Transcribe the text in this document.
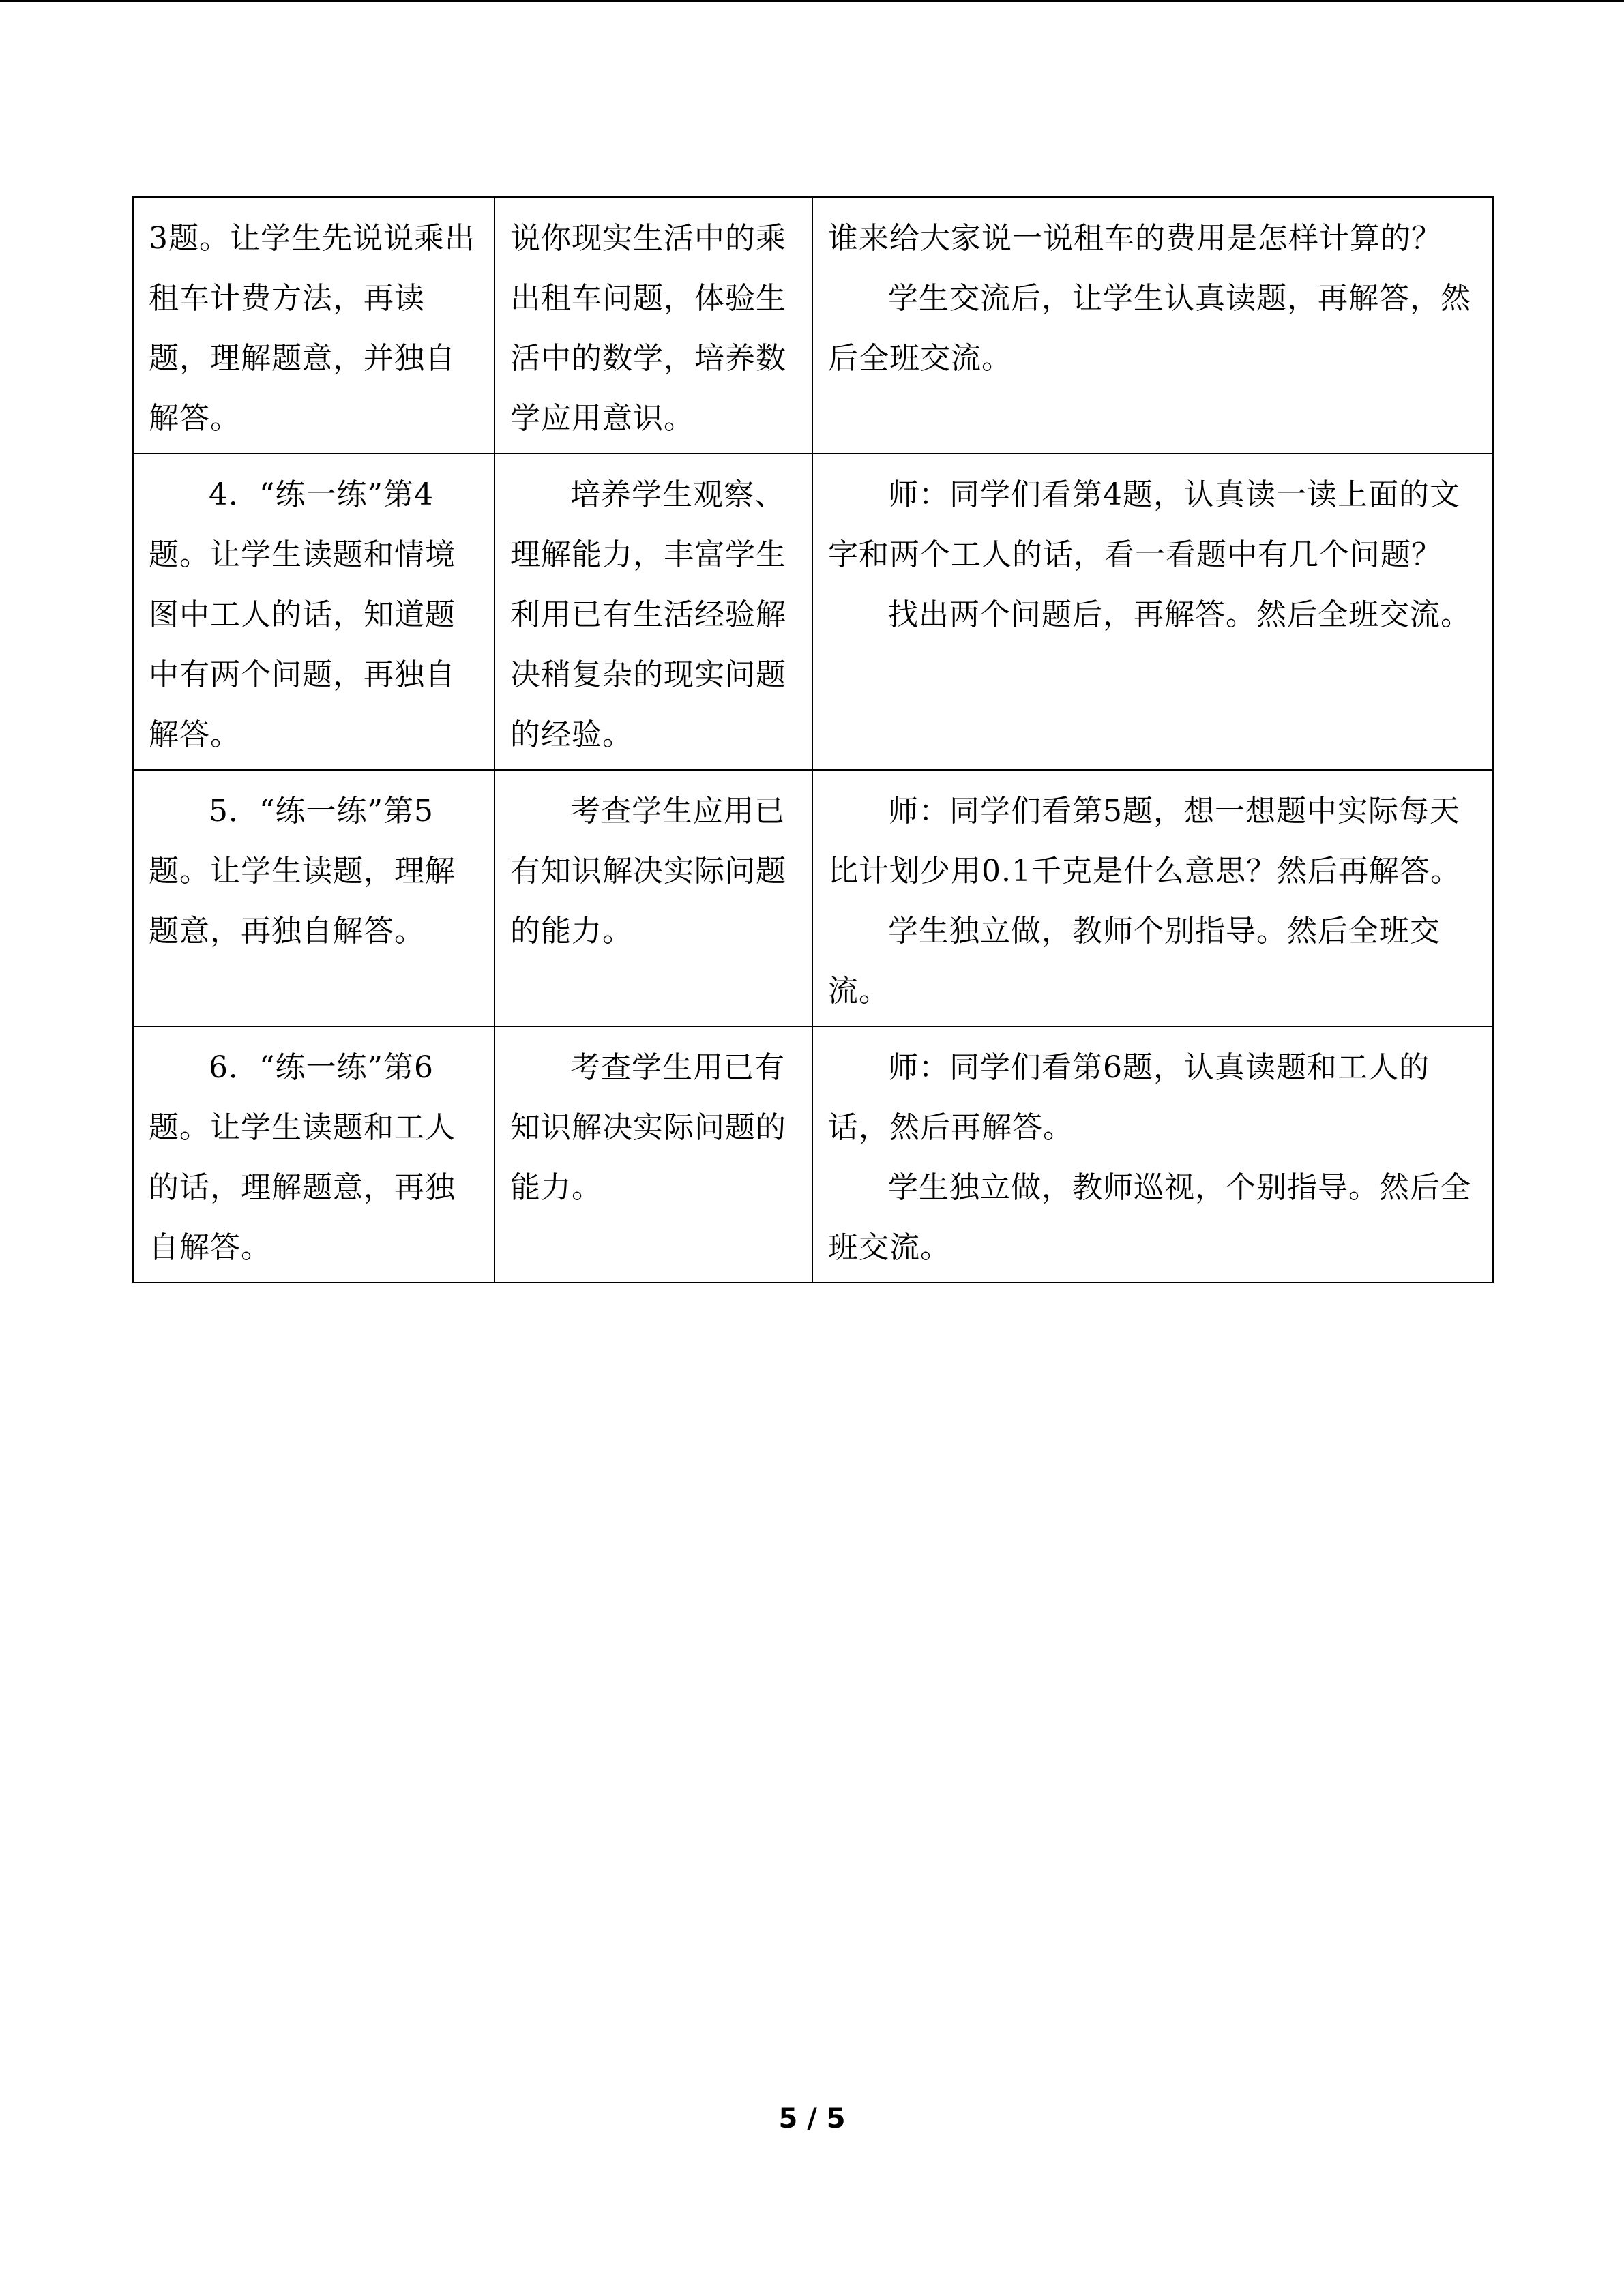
3题。让学生先说说乘出租车计费方法，再读题，理解题意，并独自解答。	说你现实生活中的乘出租车问题，体验生活中的数学，培养数学应用意识。	谁来给大家说一说租车的费用是怎样计算的？

学生交流后，让学生认真读题，再解答，然后全班交流。

4．“练一练”第4题。让学生读题和情境图中工人的话，知道题中有两个问题，再独自解答。	培养学生观察、理解能力，丰富学生利用已有生活经验解决稍复杂的现实问题的经验。	师：同学们看第4题，认真读一读上面的文字和两个工人的话，看一看题中有几个问题？

找出两个问题后，再解答。然后全班交流。

5．“练一练”第5题。让学生读题，理解题意，再独自解答。	考查学生应用已有知识解决实际问题的能力。	师：同学们看第5题，想一想题中实际每天比计划少用0.1千克是什么意思？然后再解答。

学生独立做，教师个别指导。然后全班交流。

6．“练一练”第6题。让学生读题和工人的话，理解题意，再独自解答。	考查学生用已有知识解决实际问题的能力。	师：同学们看第6题，认真读题和工人的话，然后再解答。

学生独立做，教师巡视，个别指导。然后全班交流。

5 / 5
